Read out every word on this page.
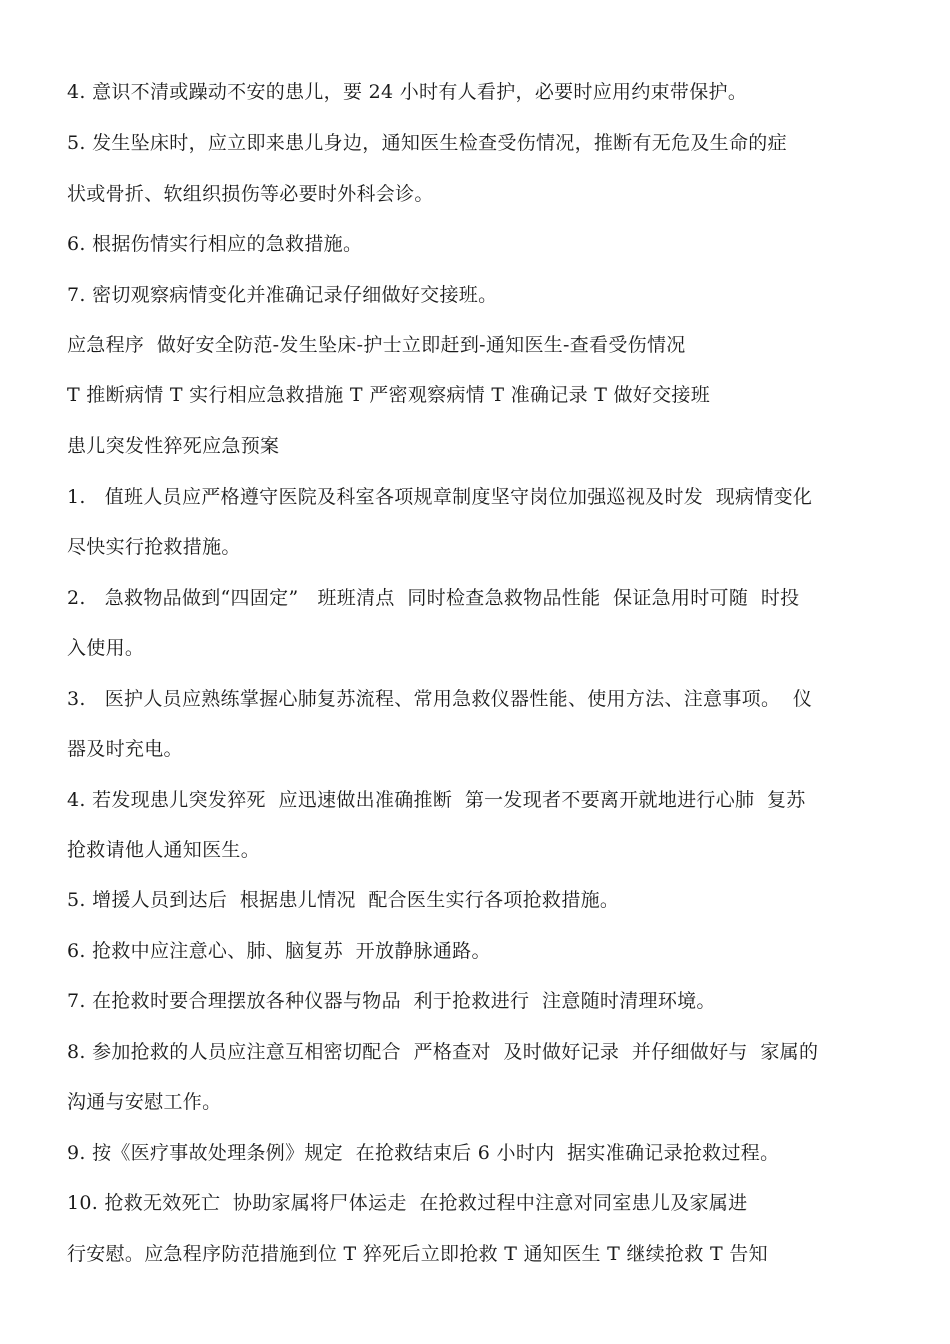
4. 意识不清或躁动不安的患儿，要 24 小时有人看护，必要时应用约束带保护。
5. 发生坠床时，应立即来患儿身边，通知医生检查受伤情况，推断有无危及生命的症
状或骨折、软组织损伤等必要时外科会诊。
6. 根据伤情实行相应的急救措施。
7. 密切观察病情变化并准确记录仔细做好交接班。
应急程序  做好安全防范-发生坠床-护士立即赶到-通知医生-查看受伤情况
T 推断病情 T 实行相应急救措施 T 严密观察病情 T 准确记录 T 做好交接班
患儿突发性猝死应急预案
1.   值班人员应严格遵守医院及科室各项规章制度坚守岗位加强巡视及时发  现病情变化
尽快实行抢救措施。
2.   急救物品做到“四固定”   班班清点  同时检查急救物品性能  保证急用时可随  时投
入使用。
3.   医护人员应熟练掌握心肺复苏流程、常用急救仪器性能、使用方法、注意事项。  仪
器及时充电。
4. 若发现患儿突发猝死  应迅速做出准确推断  第一发现者不要离开就地进行心肺  复苏
抢救请他人通知医生。
5. 增援人员到达后  根据患儿情况  配合医生实行各项抢救措施。
6. 抢救中应注意心、肺、脑复苏  开放静脉通路。
7. 在抢救时要合理摆放各种仪器与物品  利于抢救进行  注意随时清理环境。
8. 参加抢救的人员应注意互相密切配合  严格查对  及时做好记录  并仔细做好与  家属的
沟通与安慰工作。
9. 按《医疗事故处理条例》规定  在抢救结束后 6 小时内  据实准确记录抢救过程。
10. 抢救无效死亡  协助家属将尸体运走  在抢救过程中注意对同室患儿及家属进
行安慰。应急程序防范措施到位 T 猝死后立即抢救 T 通知医生 T 继续抢救 T 告知
